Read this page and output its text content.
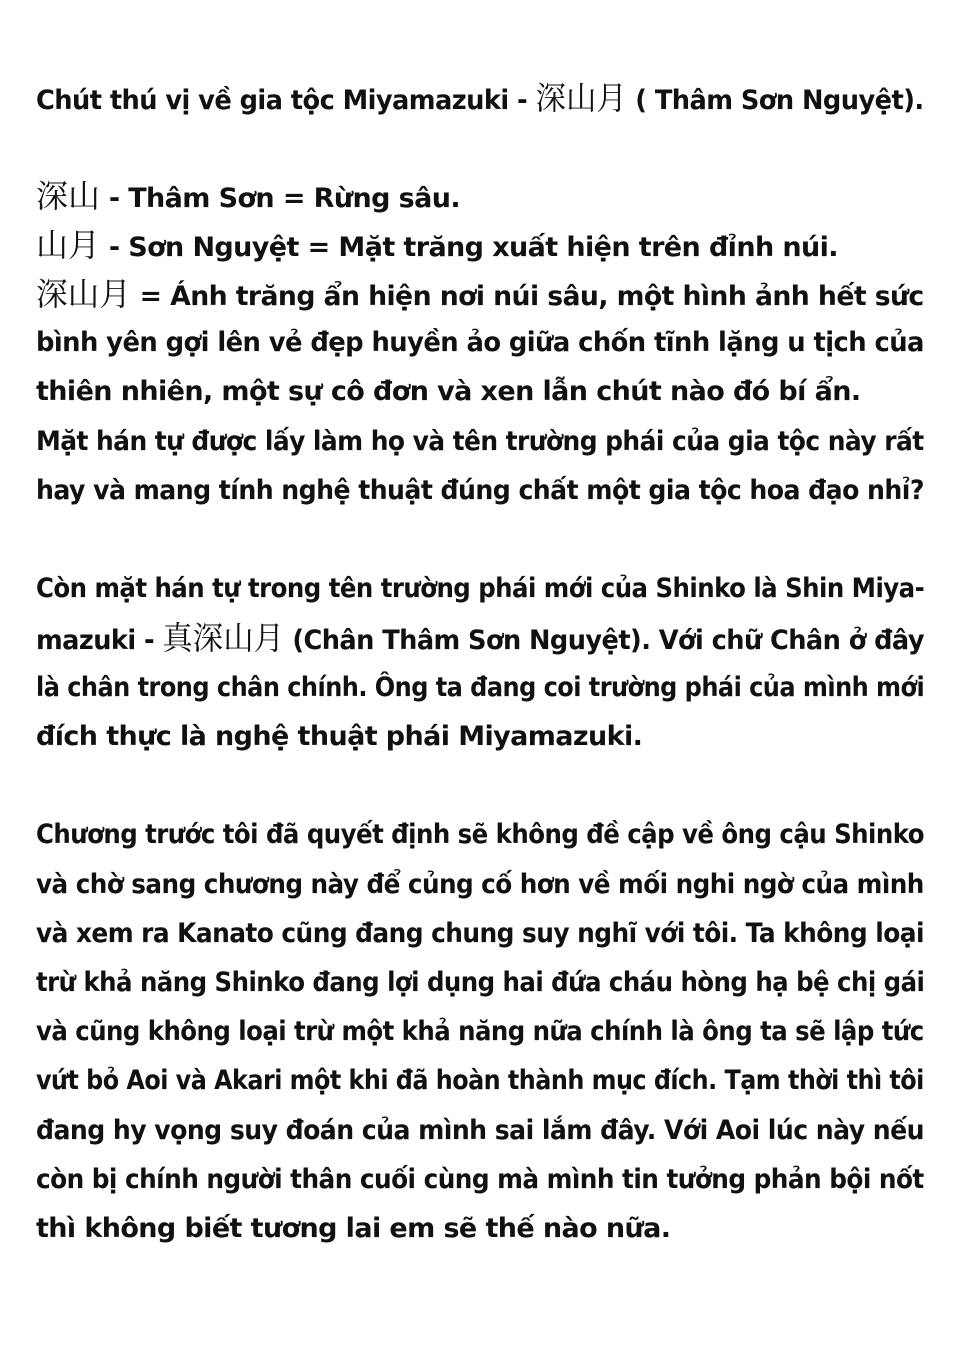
Chút thú vị về gia tộc Miyamazuki - 深山月 ( Thâm Sơn Nguyệt).
深山 - Thâm Sơn = Rừng sâu.
山月 - Sơn Nguyệt = Mặt trăng xuất hiện trên đỉnh núi.
深山月 = Ánh trăng ẩn hiện nơi núi sâu, một hình ảnh hết sức
bình yên gợi lên vẻ đẹp huyền ảo giữa chốn tĩnh lặng u tịch của
thiên nhiên, một sự cô đơn và xen lẫn chút nào đó bí ẩn.
Mặt hán tự được lấy làm họ và tên trường phái của gia tộc này rất
hay và mang tính nghệ thuật đúng chất một gia tộc hoa đạo nhỉ?
Còn mặt hán tự trong tên trường phái mới của Shinko là Shin Miya-
mazuki - 真深山月 (Chân Thâm Sơn Nguyệt). Với chữ Chân ở đây
là chân trong chân chính. Ông ta đang coi trường phái của mình mới
đích thực là nghệ thuật phái Miyamazuki.
Chương trước tôi đã quyết định sẽ không đề cập về ông cậu Shinko
và chờ sang chương này để củng cố hơn về mối nghi ngờ của mình
và xem ra Kanato cũng đang chung suy nghĩ với tôi. Ta không loại
trừ khả năng Shinko đang lợi dụng hai đứa cháu hòng hạ bệ chị gái
và cũng không loại trừ một khả năng nữa chính là ông ta sẽ lập tức
vứt bỏ Aoi và Akari một khi đã hoàn thành mục đích. Tạm thời thì tôi
đang hy vọng suy đoán của mình sai lắm đây. Với Aoi lúc này nếu
còn bị chính người thân cuối cùng mà mình tin tưởng phản bội nốt
thì không biết tương lai em sẽ thế nào nữa.
